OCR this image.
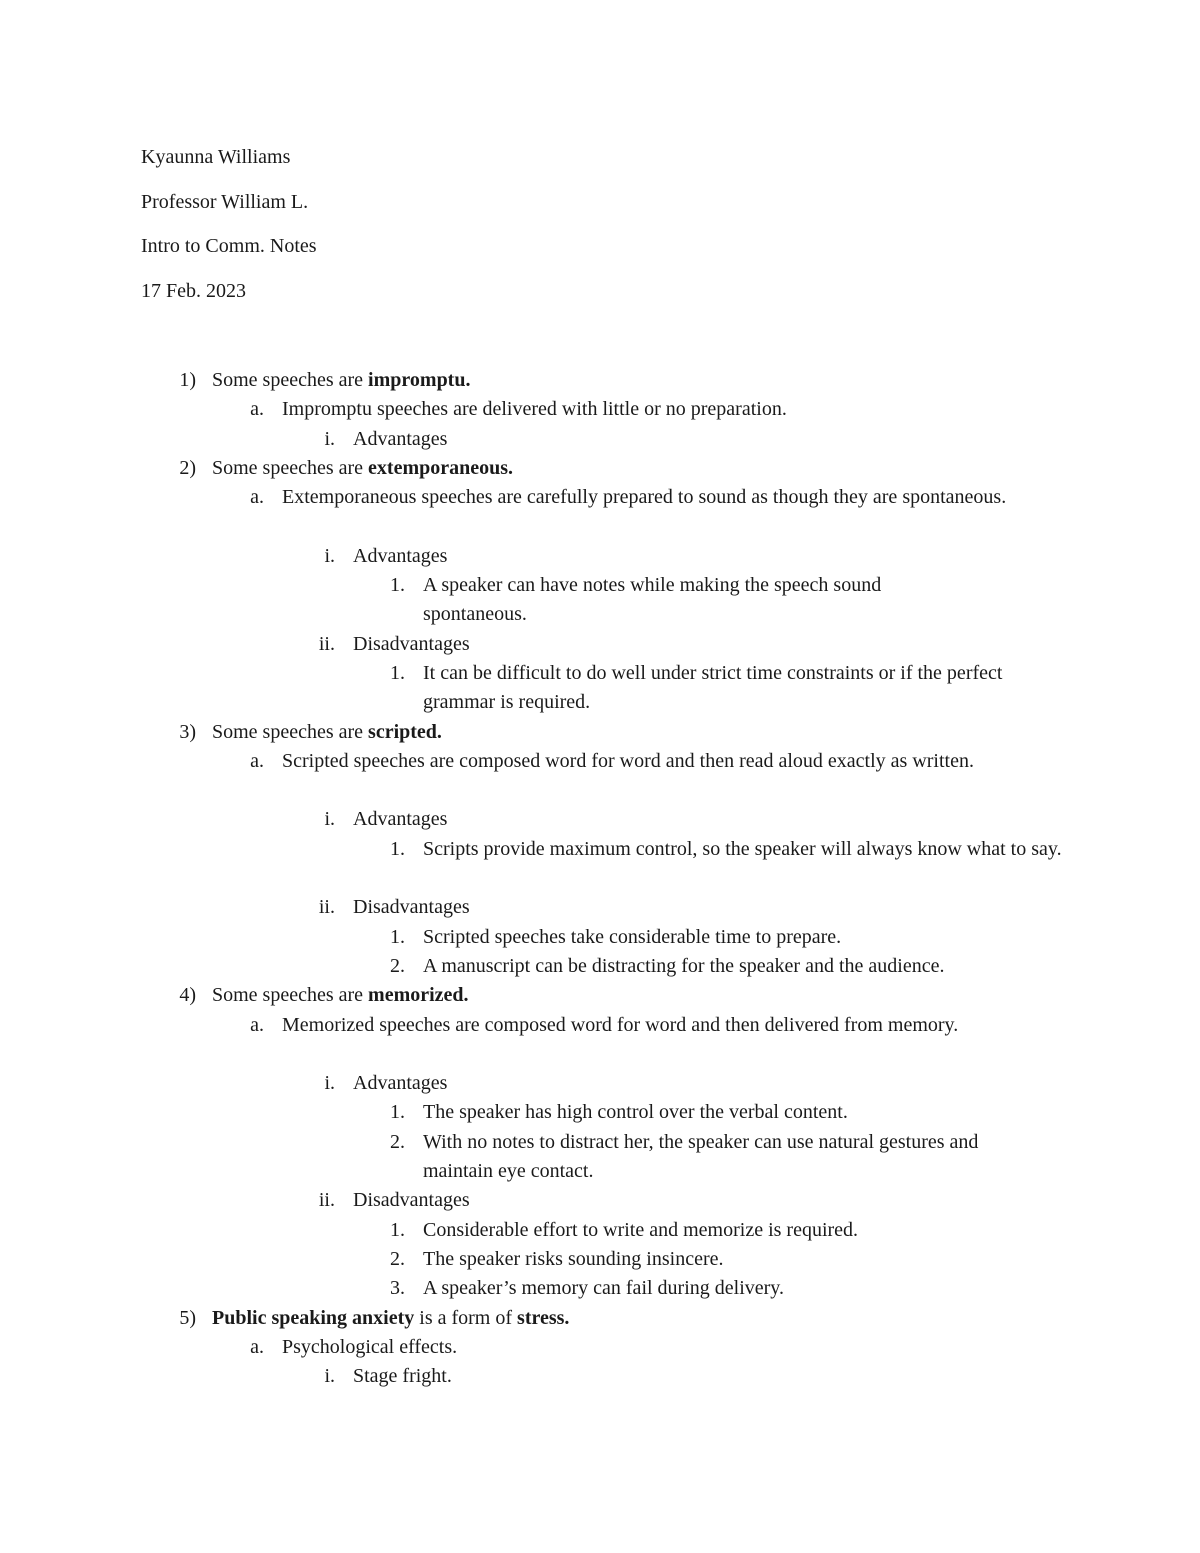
Kyaunna Williams
Professor William L.
Intro to Comm. Notes
17 Feb. 2023
1) Some speeches are impromptu.
a. Impromptu speeches are delivered with little or no preparation.
i. Advantages
2) Some speeches are extemporaneous.
a. Extemporaneous speeches are carefully prepared to sound as though they are spontaneous.
i. Advantages
1. A speaker can have notes while making the speech sound spontaneous.
ii. Disadvantages
1. It can be difficult to do well under strict time constraints or if the perfect grammar is required.
3) Some speeches are scripted.
a. Scripted speeches are composed word for word and then read aloud exactly as written.
i. Advantages
1. Scripts provide maximum control, so the speaker will always know what to say.
ii. Disadvantages
1. Scripted speeches take considerable time to prepare.
2. A manuscript can be distracting for the speaker and the audience.
4) Some speeches are memorized.
a. Memorized speeches are composed word for word and then delivered from memory.
i. Advantages
1. The speaker has high control over the verbal content.
2. With no notes to distract her, the speaker can use natural gestures and maintain eye contact.
ii. Disadvantages
1. Considerable effort to write and memorize is required.
2. The speaker risks sounding insincere.
3. A speaker’s memory can fail during delivery.
5) Public speaking anxiety is a form of stress.
a. Psychological effects.
i. Stage fright.
